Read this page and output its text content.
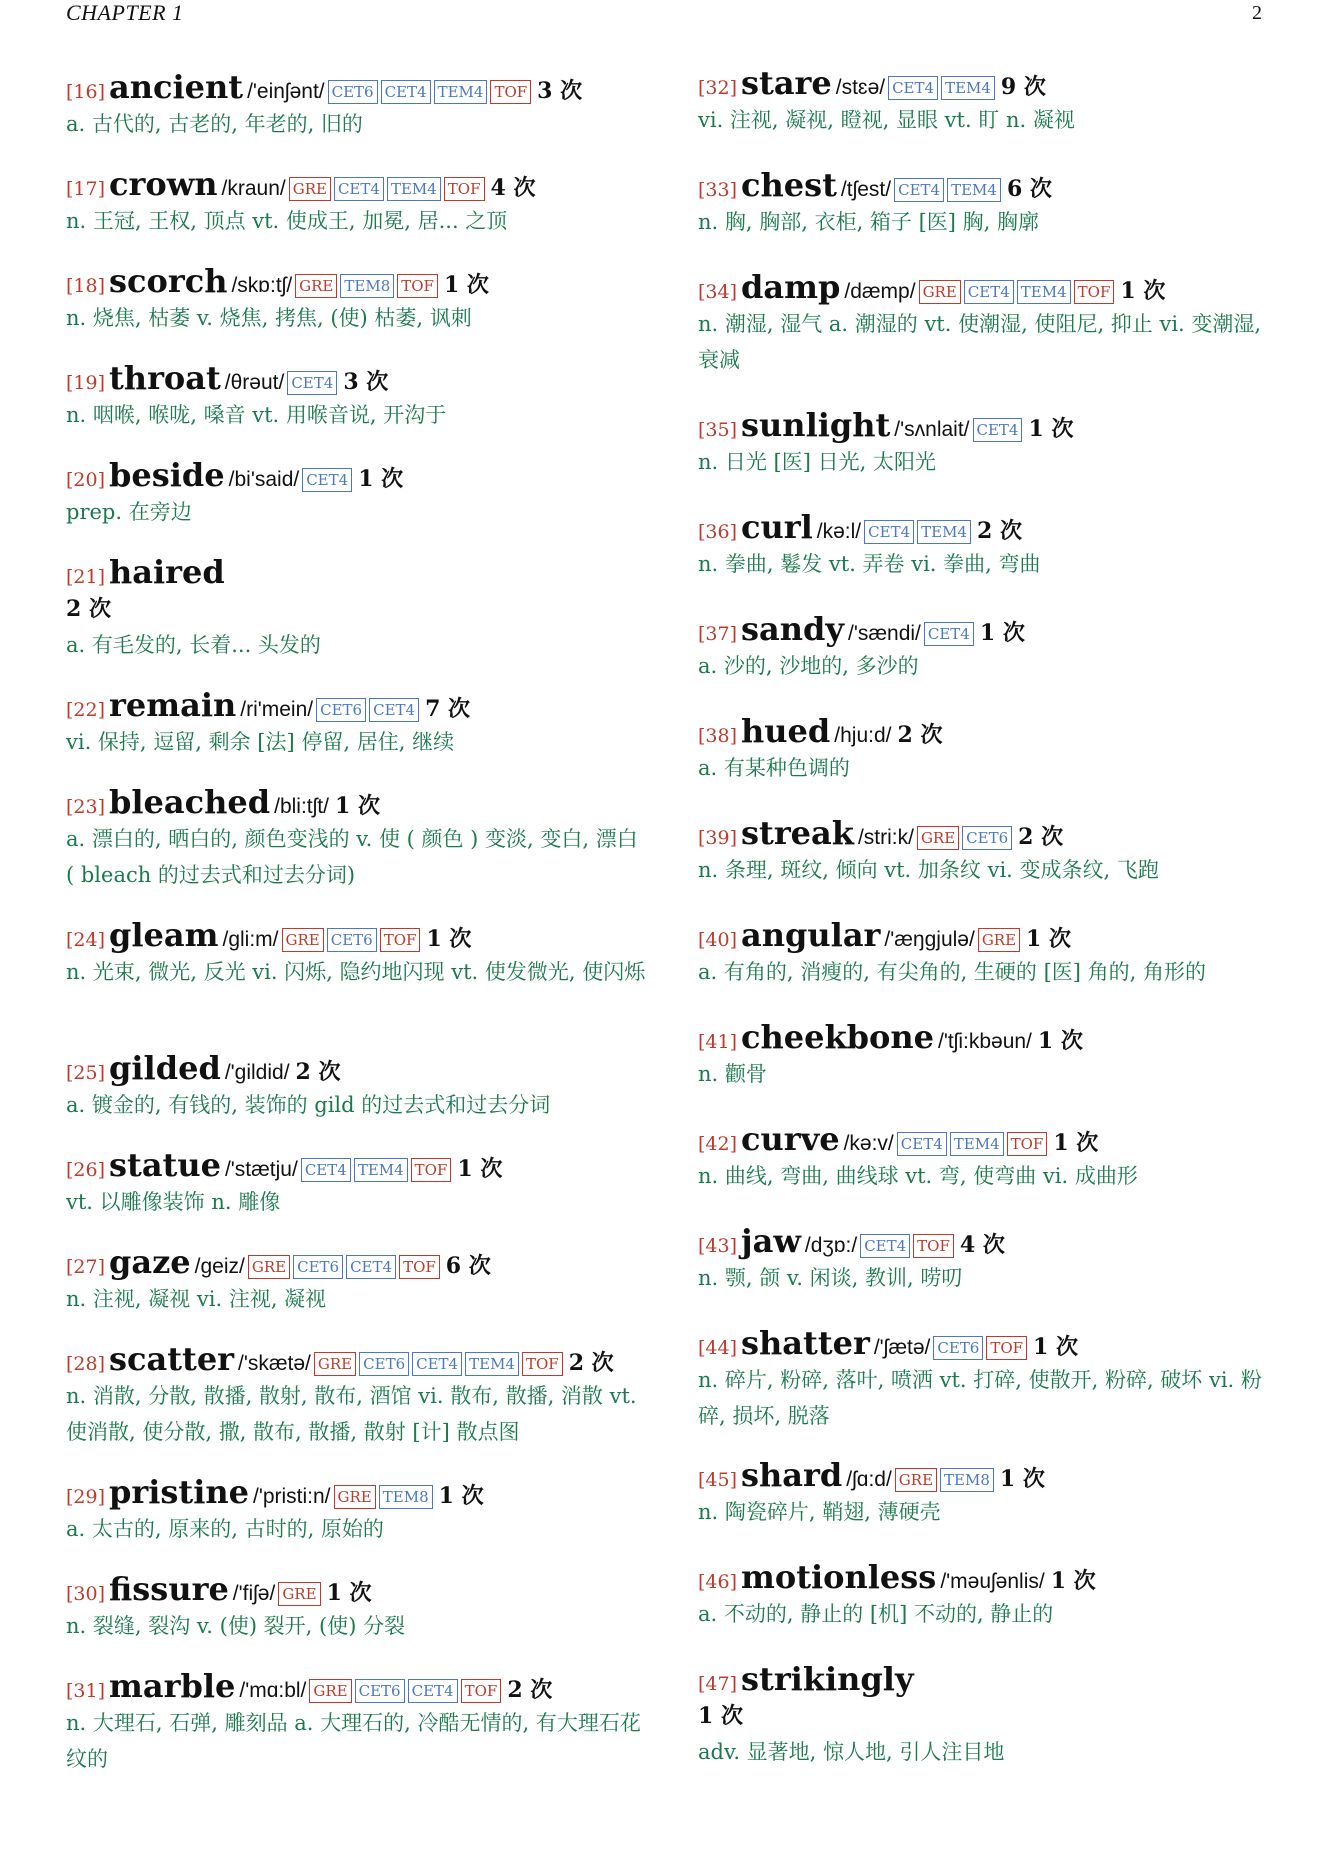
CHAPTER 1	2
[16] ancient /'einʃənt/ CET6 CET4 TEM4 TOF 3 次
a. 古代的, 古老的, 年老的, 旧的
[17] crown /kraun/ GRE CET4 TEM4 TOF 4 次
n. 王冠, 王权, 顶点 vt. 使成王, 加冕, 居... 之顶
[18] scorch /skɒ:tʃ/ GRE TEM8 TOF 1 次
n. 烧焦, 枯萎 v. 烧焦, 拷焦, (使) 枯萎, 讽刺
[19] throat /θrəut/ CET4 3 次
n. 咽喉, 喉咙, 嗓音 vt. 用喉音说, 开沟于
[20] beside /bi'said/ CET4 1 次
prep. 在旁边
[21] haired
2 次
a. 有毛发的, 长着... 头发的
[22] remain /ri'mein/ CET6 CET4 7 次
vi. 保持, 逗留, 剩余 [法] 停留, 居住, 继续
[23] bleached /bli:tʃt/ 1 次
a. 漂白的, 晒白的, 颜色变浅的 v. 使 ( 颜色 ) 变淡, 变白, 漂白 ( bleach 的过去式和过去分词)
[24] gleam /gli:m/ GRE CET6 TOF 1 次
n. 光束, 微光, 反光 vi. 闪烁, 隐约地闪现 vt. 使发微光, 使闪烁
[25] gilded /'gildid/ 2 次
a. 镀金的, 有钱的, 装饰的 gild 的过去式和过去分词
[26] statue /'stætju/ CET4 TEM4 TOF 1 次
vt. 以雕像装饰 n. 雕像
[27] gaze /geiz/ GRE CET6 CET4 TOF 6 次
n. 注视, 凝视 vi. 注视, 凝视
[28] scatter /'skætə/ GRE CET6 CET4 TEM4 TOF 2 次
n. 消散, 分散, 散播, 散射, 散布, 酒馆 vi. 散布, 散播, 消散 vt. 使消散, 使分散, 撒, 散布, 散播, 散射 [计] 散点图
[29] pristine /'pristi:n/ GRE TEM8 1 次
a. 太古的, 原来的, 古时的, 原始的
[30] fissure /'fiʃə/ GRE 1 次
n. 裂缝, 裂沟 v. (使) 裂开, (使) 分裂
[31] marble /'mɑ:bl/ GRE CET6 CET4 TOF 2 次
n. 大理石, 石弹, 雕刻品 a. 大理石的, 冷酷无情的, 有大理石花纹的
[32] stare /stɛə/ CET4 TEM4 9 次
vi. 注视, 凝视, 瞪视, 显眼 vt. 盯 n. 凝视
[33] chest /tʃest/ CET4 TEM4 6 次
n. 胸, 胸部, 衣柜, 箱子 [医] 胸, 胸廓
[34] damp /dæmp/ GRE CET4 TEM4 TOF 1 次
n. 潮湿, 湿气 a. 潮湿的 vt. 使潮湿, 使阻尼, 抑止 vi. 变潮湿, 衰减
[35] sunlight /'sʌnlait/ CET4 1 次
n. 日光 [医] 日光, 太阳光
[36] curl /kə:l/ CET4 TEM4 2 次
n. 拳曲, 鬈发 vt. 弄卷 vi. 拳曲, 弯曲
[37] sandy /'sændi/ CET4 1 次
a. 沙的, 沙地的, 多沙的
[38] hued /hju:d/ 2 次
a. 有某种色调的
[39] streak /stri:k/ GRE CET6 2 次
n. 条理, 斑纹, 倾向 vt. 加条纹 vi. 变成条纹, 飞跑
[40] angular /'æŋgjulə/ GRE 1 次
a. 有角的, 消瘦的, 有尖角的, 生硬的 [医] 角的, 角形的
[41] cheekbone /'tʃi:kbəun/ 1 次
n. 颧骨
[42] curve /kə:v/ CET4 TEM4 TOF 1 次
n. 曲线, 弯曲, 曲线球 vt. 弯, 使弯曲 vi. 成曲形
[43] jaw /dʒɒ:/ CET4 TOF 4 次
n. 颚, 颌 v. 闲谈, 教训, 唠叨
[44] shatter /'ʃætə/ CET6 TOF 1 次
n. 碎片, 粉碎, 落叶, 喷洒 vt. 打碎, 使散开, 粉碎, 破坏 vi. 粉碎, 损坏, 脱落
[45] shard /ʃɑ:d/ GRE TEM8 1 次
n. 陶瓷碎片, 鞘翅, 薄硬壳
[46] motionless /'məuʃənlis/ 1 次
a. 不动的, 静止的 [机] 不动的, 静止的
[47] strikingly
1 次
adv. 显著地, 惊人地, 引人注目地
